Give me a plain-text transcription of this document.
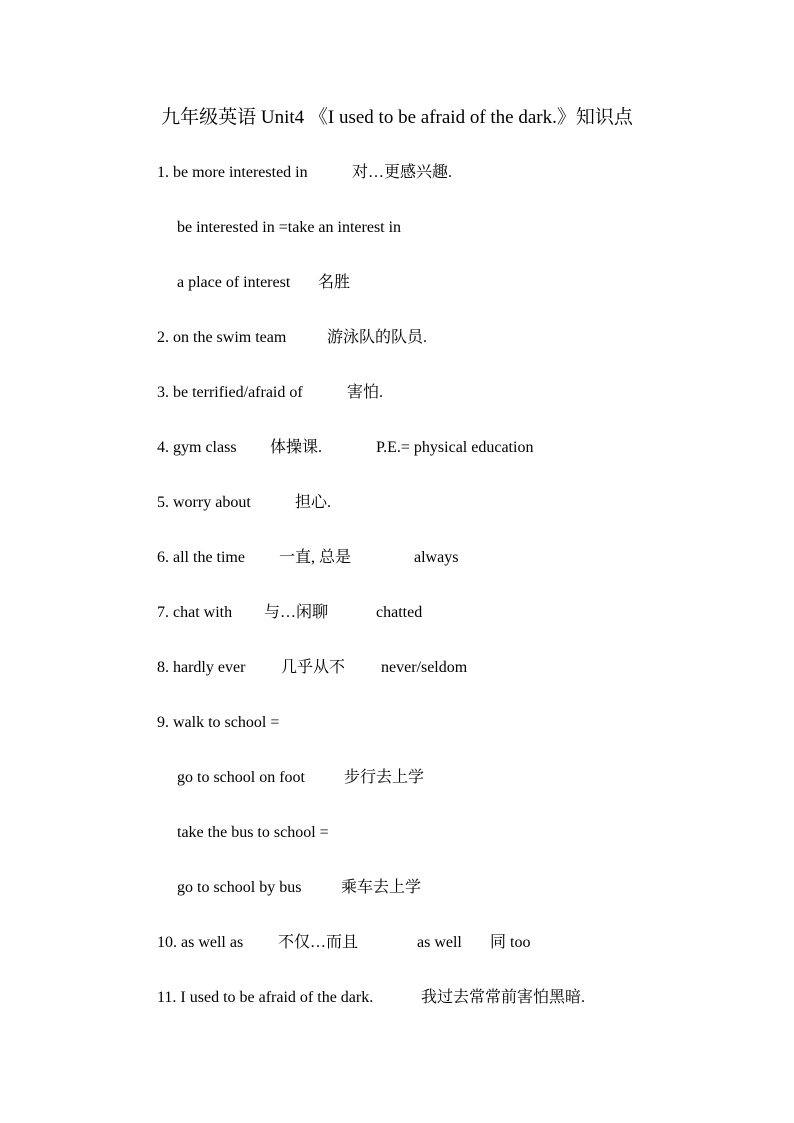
九年级英语 Unit4 《I used to be afraid of the dark.》知识点
1. be more interested in	对…更感兴趣.
be interested in =take an interest in
a place of interest 名胜
2. on the swim team	游泳队的队员.
3. be terrified/afraid of	害怕.
4. gym class 体操课.	P.E.= physical education
5. worry about	担心.
6. all the time 一直, 总是	always
7. chat with 与…闲聊	chatted
8. hardly ever 几乎从不 never/seldom
9. walk to school =
go to school on foot 步行去上学
take the bus to school =
go to school by bus 乘车去上学
10. as well as 不仅…而且	as well 同 too
11. I used to be afraid of the dark.	我过去常常前害怕黑暗.
